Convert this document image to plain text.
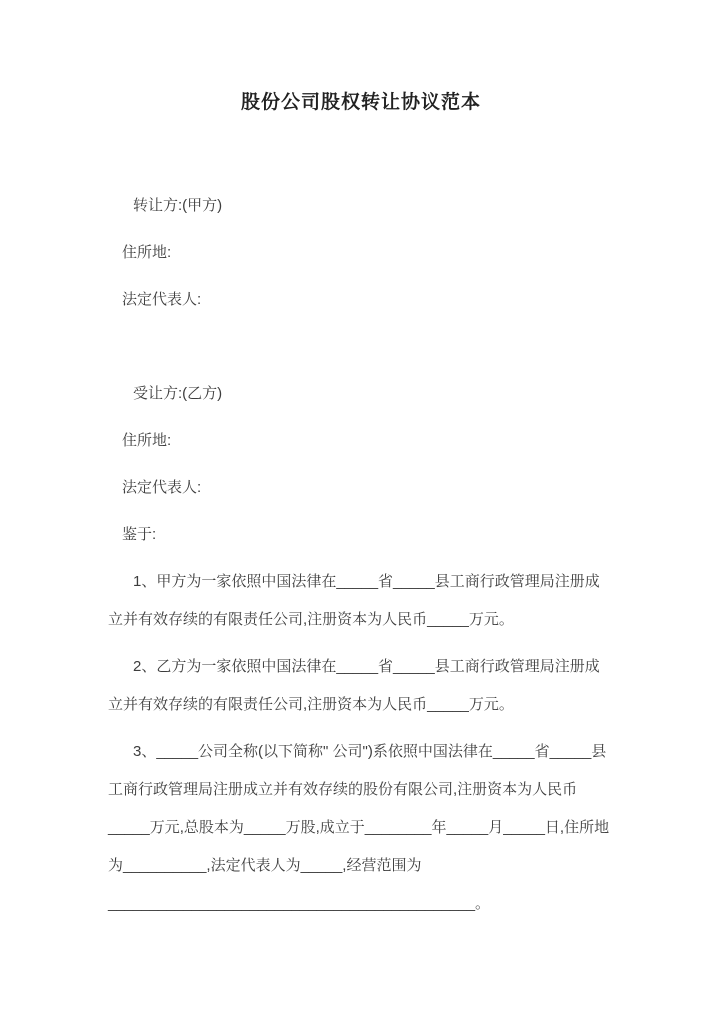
股份公司股权转让协议范本

转让方:(甲方)

住所地:

法定代表人:

受让方:(乙方)

住所地:

法定代表人:

鉴于:

1、甲方为一家依照中国法律在_____省_____县工商行政管理局注册成立并有效存续的有限责任公司,注册资本为人民币_____万元。

2、乙方为一家依照中国法律在_____省_____县工商行政管理局注册成立并有效存续的有限责任公司,注册资本为人民币_____万元。

3、_____公司全称(以下简称" 公司")系依照中国法律在_____省_____县工商行政管理局注册成立并有效存续的股份有限公司,注册资本为人民币_____万元,总股本为_____万股,成立于________年_____月_____日,住所地为__________,法定代表人为_____,经营范围为____________________________________________。
